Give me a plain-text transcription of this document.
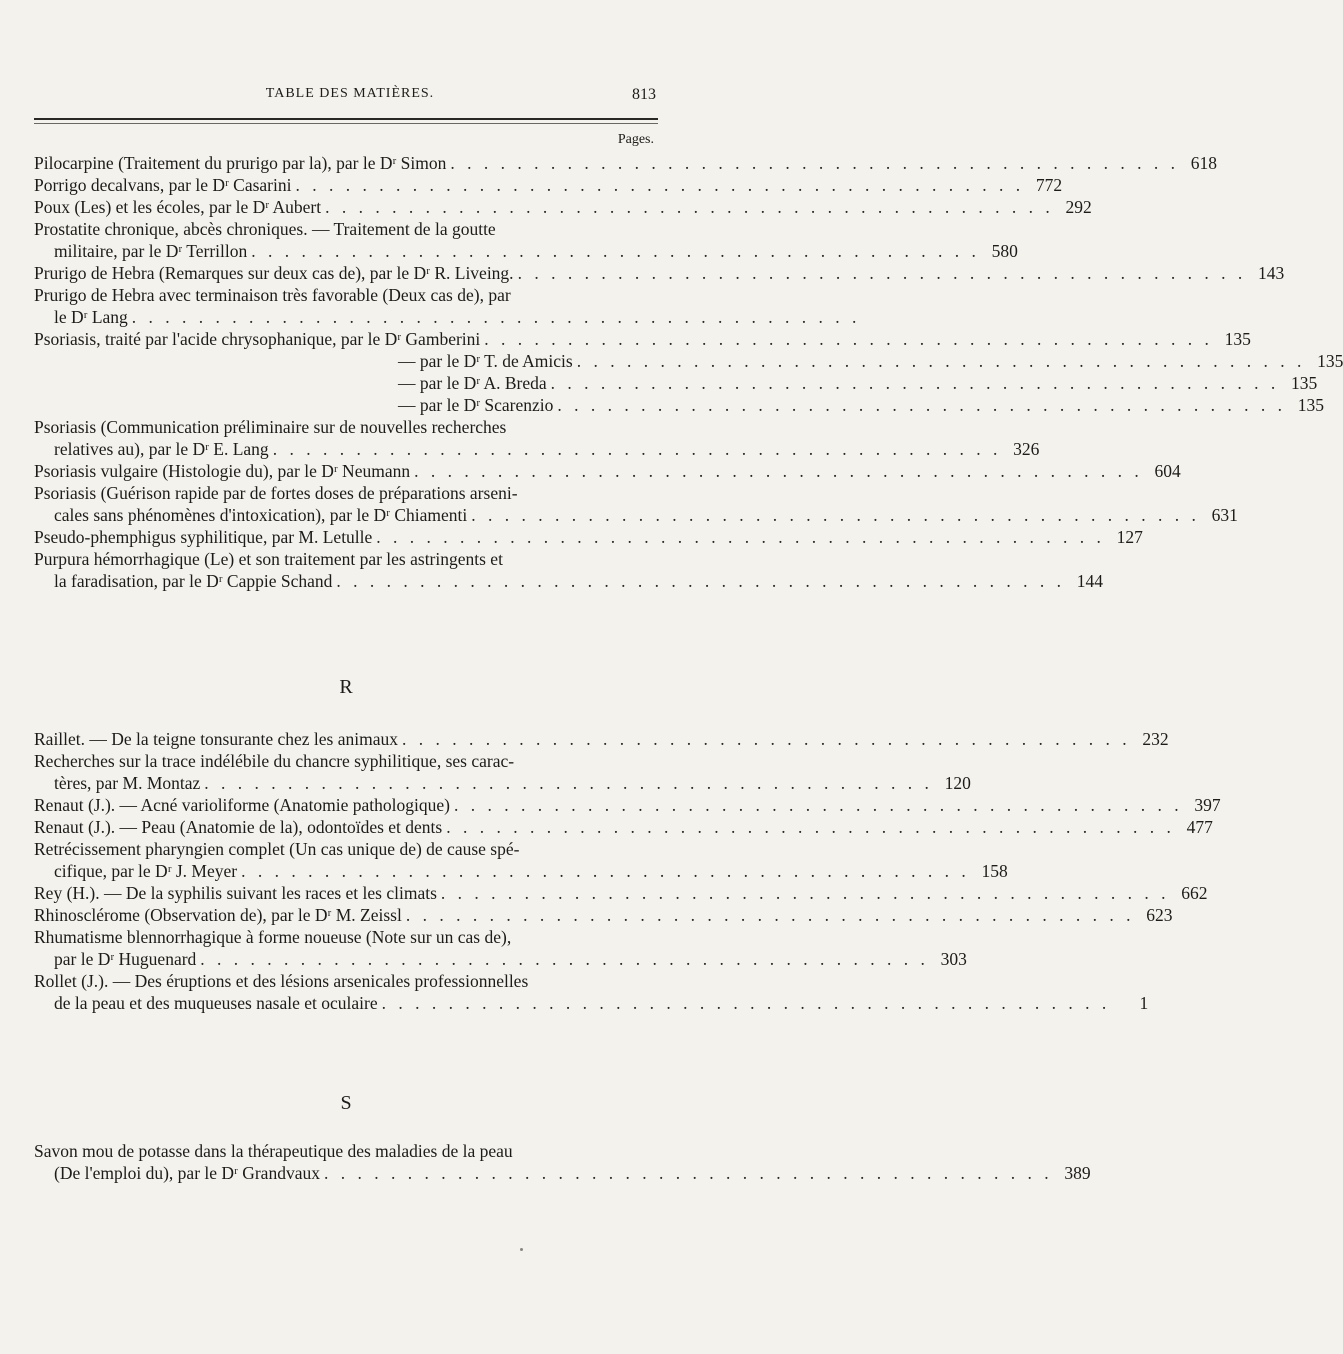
TABLE DES MATIÈRES.	813
Pages.
Pilocarpine (Traitement du prurigo par la), par le Dʳ Simon . . . . . . . . . . . . . . . . . . . . . . . . . . . . . . . . . . . . . . . . . . . . 618
Porrigo decalvans, par le Dʳ Casarini . . . . . . . . . . . . . . . . . . . . . . . . . . . . . . . . . . . . . . . . . . . . 772
Poux (Les) et les écoles, par le Dʳ Aubert . . . . . . . . . . . . . . . . . . . . . . . . . . . . . . . . . . . . . . . . . . . . 292
Prostatite chronique, abcès chroniques. — Traitement de la goutte
militaire, par le Dʳ Terrillon . . . . . . . . . . . . . . . . . . . . . . . . . . . . . . . . . . . . . . . . . . . . 580
Prurigo de Hebra (Remarques sur deux cas de), par le Dʳ R. Liveing. . . . . . . . . . . . . . . . . . . . . . . . . . . . . . . . . . . . . . . . . . . . . 143
Prurigo de Hebra avec terminaison très favorable (Deux cas de), par
le Dʳ Lang . . . . . . . . . . . . . . . . . . . . . . . . . . . . . . . . . . . . . . . . . . . .
Psoriasis, traité par l'acide chrysophanique, par le Dʳ Gamberini . . . . . . . . . . . . . . . . . . . . . . . . . . . . . . . . . . . . . . . . . . . . 135
— par le Dʳ T. de Amicis . . . . . . . . . . . . . . . . . . . . . . . . . . . . . . . . . . . . . . . . . . . . 135
— par le Dʳ A. Breda . . . . . . . . . . . . . . . . . . . . . . . . . . . . . . . . . . . . . . . . . . . . 135
— par le Dʳ Scarenzio . . . . . . . . . . . . . . . . . . . . . . . . . . . . . . . . . . . . . . . . . . . . 135
Psoriasis (Communication préliminaire sur de nouvelles recherches
relatives au), par le Dʳ E. Lang . . . . . . . . . . . . . . . . . . . . . . . . . . . . . . . . . . . . . . . . . . . . 326
Psoriasis vulgaire (Histologie du), par le Dʳ Neumann . . . . . . . . . . . . . . . . . . . . . . . . . . . . . . . . . . . . . . . . . . . . 604
Psoriasis (Guérison rapide par de fortes doses de préparations arseni-
cales sans phénomènes d'intoxication), par le Dʳ Chiamenti . . . . . . . . . . . . . . . . . . . . . . . . . . . . . . . . . . . . . . . . . . . . 631
Pseudo-phemphigus syphilitique, par M. Letulle . . . . . . . . . . . . . . . . . . . . . . . . . . . . . . . . . . . . . . . . . . . . 127
Purpura hémorrhagique (Le) et son traitement par les astringents et
la faradisation, par le Dʳ Cappie Schand . . . . . . . . . . . . . . . . . . . . . . . . . . . . . . . . . . . . . . . . . . . . 144
R
Raillet. — De la teigne tonsurante chez les animaux . . . . . . . . . . . . . . . . . . . . . . . . . . . . . . . . . . . . . . . . . . . . 232
Recherches sur la trace indélébile du chancre syphilitique, ses carac-
tères, par M. Montaz . . . . . . . . . . . . . . . . . . . . . . . . . . . . . . . . . . . . . . . . . . . . 120
Renaut (J.). — Acné varioliforme (Anatomie pathologique) . . . . . . . . . . . . . . . . . . . . . . . . . . . . . . . . . . . . . . . . . . . . 397
Renaut (J.). — Peau (Anatomie de la), odontoïdes et dents . . . . . . . . . . . . . . . . . . . . . . . . . . . . . . . . . . . . . . . . . . . . 477
Retrécissement pharyngien complet (Un cas unique de) de cause spé-
cifique, par le Dʳ J. Meyer . . . . . . . . . . . . . . . . . . . . . . . . . . . . . . . . . . . . . . . . . . . . 158
Rey (H.). — De la syphilis suivant les races et les climats . . . . . . . . . . . . . . . . . . . . . . . . . . . . . . . . . . . . . . . . . . . . 662
Rhinosclérome (Observation de), par le Dʳ M. Zeissl . . . . . . . . . . . . . . . . . . . . . . . . . . . . . . . . . . . . . . . . . . . . 623
Rhumatisme blennorrhagique à forme noueuse (Note sur un cas de),
par le Dʳ Huguenard . . . . . . . . . . . . . . . . . . . . . . . . . . . . . . . . . . . . . . . . . . . . 303
Rollet (J.). — Des éruptions et des lésions arsenicales professionnelles
de la peau et des muqueuses nasale et oculaire . . . . . . . . . . . . . . . . . . . . . . . . . . . . . . . . . . . . . . . . . . . .	1
S
Savon mou de potasse dans la thérapeutique des maladies de la peau
(De l'emploi du), par le Dʳ Grandvaux . . . . . . . . . . . . . . . . . . . . . . . . . . . . . . . . . . . . . . . . . . . . 389
